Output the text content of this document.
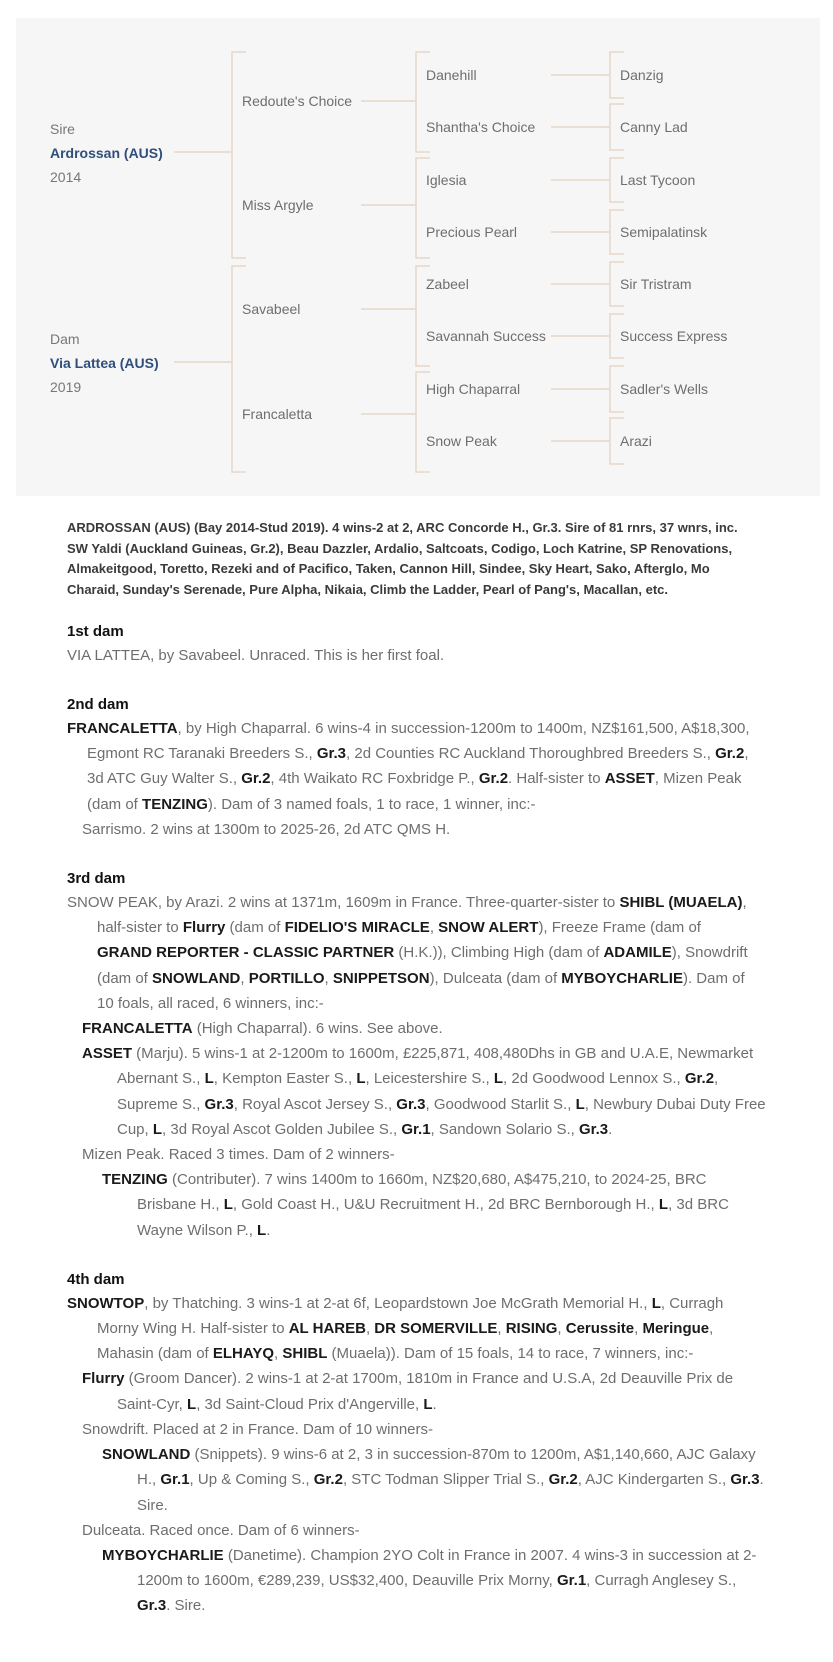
Sire
Ardrossan (AUS)
2014
Dam
Via Lattea (AUS)
2019
Redoute's Choice
Miss Argyle
Savabeel
Francaletta
Danehill
Shantha's Choice
Iglesia
Precious Pearl
Zabeel
Savannah Success
High Chaparral
Snow Peak
Danzig
Canny Lad
Last Tycoon
Semipalatinsk
Sir Tristram
Success Express
Sadler's Wells
Arazi

ARDROSSAN (AUS) (Bay 2014-Stud 2019). 4 wins-2 at 2, ARC Concorde H., Gr.3. Sire of 81 rnrs, 37 wnrs, inc.

SW Yaldi (Auckland Guineas, Gr.2), Beau Dazzler, Ardalio, Saltcoats, Codigo, Loch Katrine, SP Renovations,

Almakeitgood, Toretto, Rezeki and of Pacifico, Taken, Cannon Hill, Sindee, Sky Heart, Sako, Afterglo, Mo

Charaid, Sunday's Serenade, Pure Alpha, Nikaia, Climb the Ladder, Pearl of Pang's, Macallan, etc.

1st dam

VIA LATTEA, by Savabeel. Unraced. This is her first foal.

2nd dam

FRANCALETTA, by High Chaparral. 6 wins-4 in succession-1200m to 1400m, NZ$161,500, A$18,300,

Egmont RC Taranaki Breeders S., Gr.3, 2d Counties RC Auckland Thoroughbred Breeders S., Gr.2,

3d ATC Guy Walter S., Gr.2, 4th Waikato RC Foxbridge P., Gr.2. Half-sister to ASSET, Mizen Peak

(dam of TENZING). Dam of 3 named foals, 1 to race, 1 winner, inc:-

Sarrismo. 2 wins at 1300m to 2025-26, 2d ATC QMS H.

3rd dam

SNOW PEAK, by Arazi. 2 wins at 1371m, 1609m in France. Three-quarter-sister to SHIBL (MUAELA),

half-sister to Flurry (dam of FIDELIO'S MIRACLE, SNOW ALERT), Freeze Frame (dam of

GRAND REPORTER - CLASSIC PARTNER (H.K.)), Climbing High (dam of ADAMILE), Snowdrift

(dam of SNOWLAND, PORTILLO, SNIPPETSON), Dulceata (dam of MYBOYCHARLIE). Dam of

10 foals, all raced, 6 winners, inc:-

FRANCALETTA (High Chaparral). 6 wins. See above.

ASSET (Marju). 5 wins-1 at 2-1200m to 1600m, £225,871, 408,480Dhs in GB and U.A.E, Newmarket

Abernant S., L, Kempton Easter S., L, Leicestershire S., L, 2d Goodwood Lennox S., Gr.2,

Supreme S., Gr.3, Royal Ascot Jersey S., Gr.3, Goodwood Starlit S., L, Newbury Dubai Duty Free

Cup, L, 3d Royal Ascot Golden Jubilee S., Gr.1, Sandown Solario S., Gr.3.

Mizen Peak. Raced 3 times. Dam of 2 winners-

TENZING (Contributer). 7 wins 1400m to 1660m, NZ$20,680, A$475,210, to 2024-25, BRC

Brisbane H., L, Gold Coast H., U&U Recruitment H., 2d BRC Bernborough H., L, 3d BRC

Wayne Wilson P., L.

4th dam

SNOWTOP, by Thatching. 3 wins-1 at 2-at 6f, Leopardstown Joe McGrath Memorial H., L, Curragh

Morny Wing H. Half-sister to AL HAREB, DR SOMERVILLE, RISING, Cerussite, Meringue,

Mahasin (dam of ELHAYQ, SHIBL (Muaela)). Dam of 15 foals, 14 to race, 7 winners, inc:-

Flurry (Groom Dancer). 2 wins-1 at 2-at 1700m, 1810m in France and U.S.A, 2d Deauville Prix de

Saint-Cyr, L, 3d Saint-Cloud Prix d'Angerville, L.

Snowdrift. Placed at 2 in France. Dam of 10 winners-

SNOWLAND (Snippets). 9 wins-6 at 2, 3 in succession-870m to 1200m, A$1,140,660, AJC Galaxy

H., Gr.1, Up & Coming S., Gr.2, STC Todman Slipper Trial S., Gr.2, AJC Kindergarten S., Gr.3.

Sire.

Dulceata. Raced once. Dam of 6 winners-

MYBOYCHARLIE (Danetime). Champion 2YO Colt in France in 2007. 4 wins-3 in succession at 2-

1200m to 1600m, €289,239, US$32,400, Deauville Prix Morny, Gr.1, Curragh Anglesey S.,

Gr.3. Sire.
